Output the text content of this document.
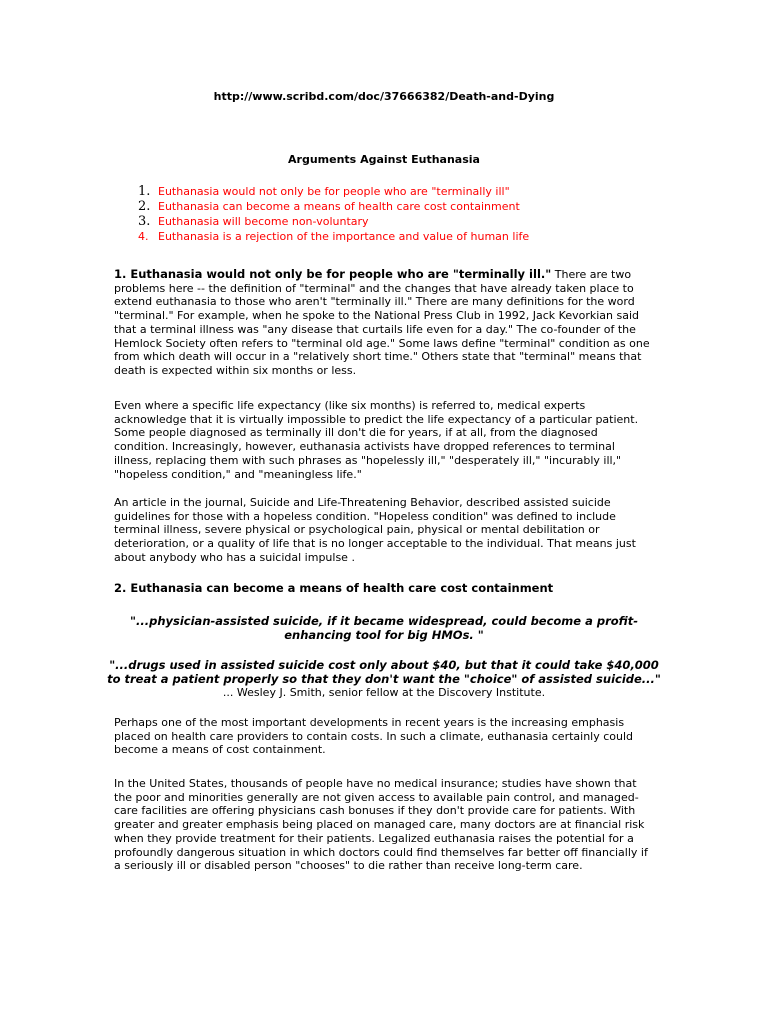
http://www.scribd.com/doc/37666382/Death-and-Dying
Arguments Against Euthanasia
1. Euthanasia would not only be for people who are "terminally ill"
2. Euthanasia can become a means of health care cost containment
3. Euthanasia will become non-voluntary
4. Euthanasia is a rejection of the importance and value of human life

1. Euthanasia would not only be for people who are "terminally ill." There are two problems here -- the definition of "terminal" and the changes that have already taken place to extend euthanasia to those who aren't "terminally ill." There are many definitions for the word "terminal." For example, when he spoke to the National Press Club in 1992, Jack Kevorkian said that a terminal illness was "any disease that curtails life even for a day." The co-founder of the Hemlock Society often refers to "terminal old age." Some laws define "terminal" condition as one from which death will occur in a "relatively short time." Others state that "terminal" means that death is expected within six months or less.

Even where a specific life expectancy (like six months) is referred to, medical experts acknowledge that it is virtually impossible to predict the life expectancy of a particular patient. Some people diagnosed as terminally ill don't die for years, if at all, from the diagnosed condition. Increasingly, however, euthanasia activists have dropped references to terminal illness, replacing them with such phrases as "hopelessly ill," "desperately ill," "incurably ill," "hopeless condition," and "meaningless life."

An article in the journal, Suicide and Life-Threatening Behavior, described assisted suicide guidelines for those with a hopeless condition. "Hopeless condition" was defined to include terminal illness, severe physical or psychological pain, physical or mental debilitation or deterioration, or a quality of life that is no longer acceptable to the individual. That means just about anybody who has a suicidal impulse .

2. Euthanasia can become a means of health care cost containment

"...physician-assisted suicide, if it became widespread, could become a profit-enhancing tool for big HMOs. "

"...drugs used in assisted suicide cost only about $40, but that it could take $40,000 to treat a patient properly so that they don't want the "choice" of assisted suicide..."

... Wesley J. Smith, senior fellow at the Discovery Institute.

Perhaps one of the most important developments in recent years is the increasing emphasis placed on health care providers to contain costs. In such a climate, euthanasia certainly could become a means of cost containment.

In the United States, thousands of people have no medical insurance; studies have shown that the poor and minorities generally are not given access to available pain control, and managed-care facilities are offering physicians cash bonuses if they don't provide care for patients. With greater and greater emphasis being placed on managed care, many doctors are at financial risk when they provide treatment for their patients. Legalized euthanasia raises the potential for a profoundly dangerous situation in which doctors could find themselves far better off financially if a seriously ill or disabled person "chooses" to die rather than receive long-term care.
